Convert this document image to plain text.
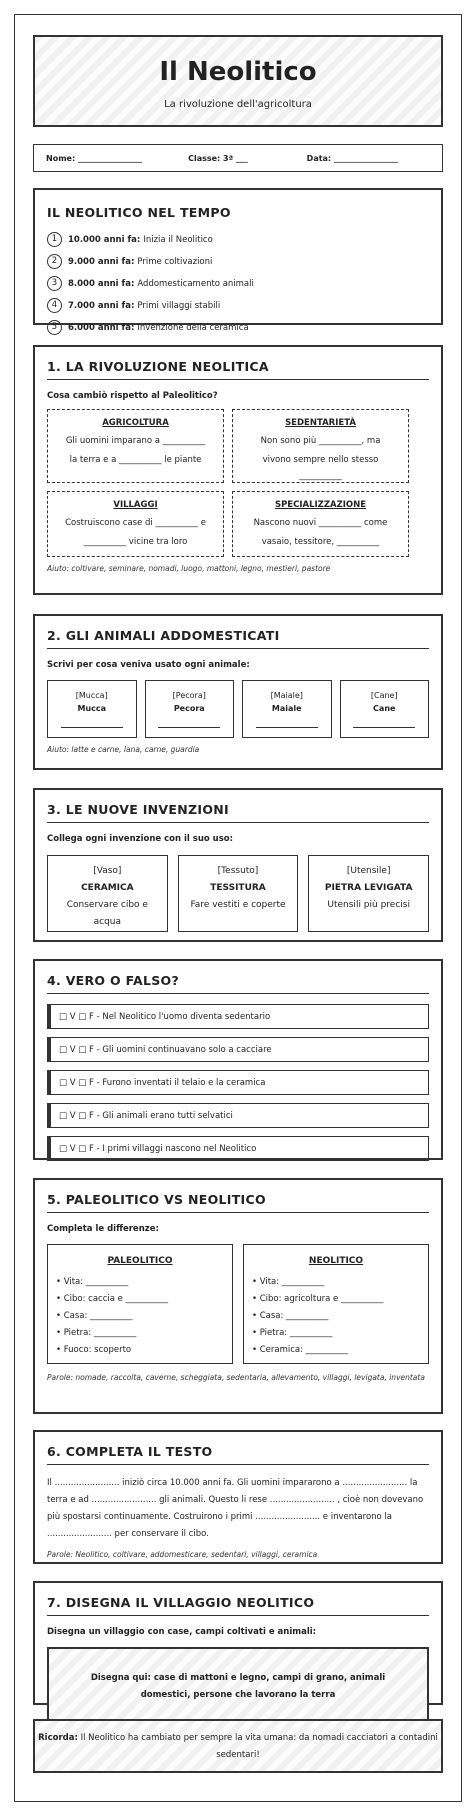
Il Neolitico
La rivoluzione dell'agricoltura
Nome: ________________	Classe: 3ª ___	Data: ________________
IL NEOLITICO NEL TEMPO
1	10.000 anni fa: Inizia il Neolitico
2	9.000 anni fa: Prime coltivazioni
3	8.000 anni fa: Addomesticamento animali
4	7.000 anni fa: Primi villaggi stabili
5	6.000 anni fa: Invenzione della ceramica
1. LA RIVOLUZIONE NEOLITICA
Cosa cambiò rispetto al Paleolitico?
AGRICOLTURA
Gli uomini imparano a __________
la terra e a __________ le piante
SEDENTARIETÀ
Non sono più __________, ma
vivono sempre nello stesso
__________
VILLAGGI
Costruiscono case di __________ e
__________ vicine tra loro
SPECIALIZZAZIONE
Nascono nuovi __________ come
vasaio, tessitore, __________
Aiuto: coltivare, seminare, nomadi, luogo, mattoni, legno, mestieri, pastore
2. GLI ANIMALI ADDOMESTICATI
Scrivi per cosa veniva usato ogni animale:
[Mucca]
Mucca
[Pecora]
Pecora
[Maiale]
Maiale
[Cane]
Cane
Aiuto: latte e carne, lana, carne, guardia
3. LE NUOVE INVENZIONI
Collega ogni invenzione con il suo uso:
[Vaso]
CERAMICA
Conservare cibo e acqua
[Tessuto]
TESSITURA
Fare vestiti e coperte
[Utensile]
PIETRA LEVIGATA
Utensili più precisi
4. VERO O FALSO?
□ V □ F - Nel Neolitico l'uomo diventa sedentario
□ V □ F - Gli uomini continuavano solo a cacciare
□ V □ F - Furono inventati il telaio e la ceramica
□ V □ F - Gli animali erano tutti selvatici
□ V □ F - I primi villaggi nascono nel Neolitico
5. PALEOLITICO VS NEOLITICO
Completa le differenze:
PALEOLITICO
• Vita: __________
• Cibo: caccia e __________
• Casa: __________
• Pietra: __________
• Fuoco: scoperto
NEOLITICO
• Vita: __________
• Cibo: agricoltura e __________
• Casa: __________
• Pietra: __________
• Ceramica: __________
Parole: nomade, raccolta, caverne, scheggiata, sedentaria, allevamento, villaggi, levigata, inventata
6. COMPLETA IL TESTO
Il ........................ iniziò circa 10.000 anni fa. Gli uomini impararono a ........................ la terra e ad ........................ gli animali. Questo li rese ........................ , cioè non dovevano più spostarsi continuamente. Costruirono i primi ........................ e inventarono la ........................ per conservare il cibo.
Parole: Neolitico, coltivare, addomesticare, sedentari, villaggi, ceramica
7. DISEGNA IL VILLAGGIO NEOLITICO
Disegna un villaggio con case, campi coltivati e animali:
Disegna qui: case di mattoni e legno, campi di grano, animali domestici, persone che lavorano la terra
Ricorda: Il Neolitico ha cambiato per sempre la vita umana: da nomadi cacciatori a contadini sedentari!
